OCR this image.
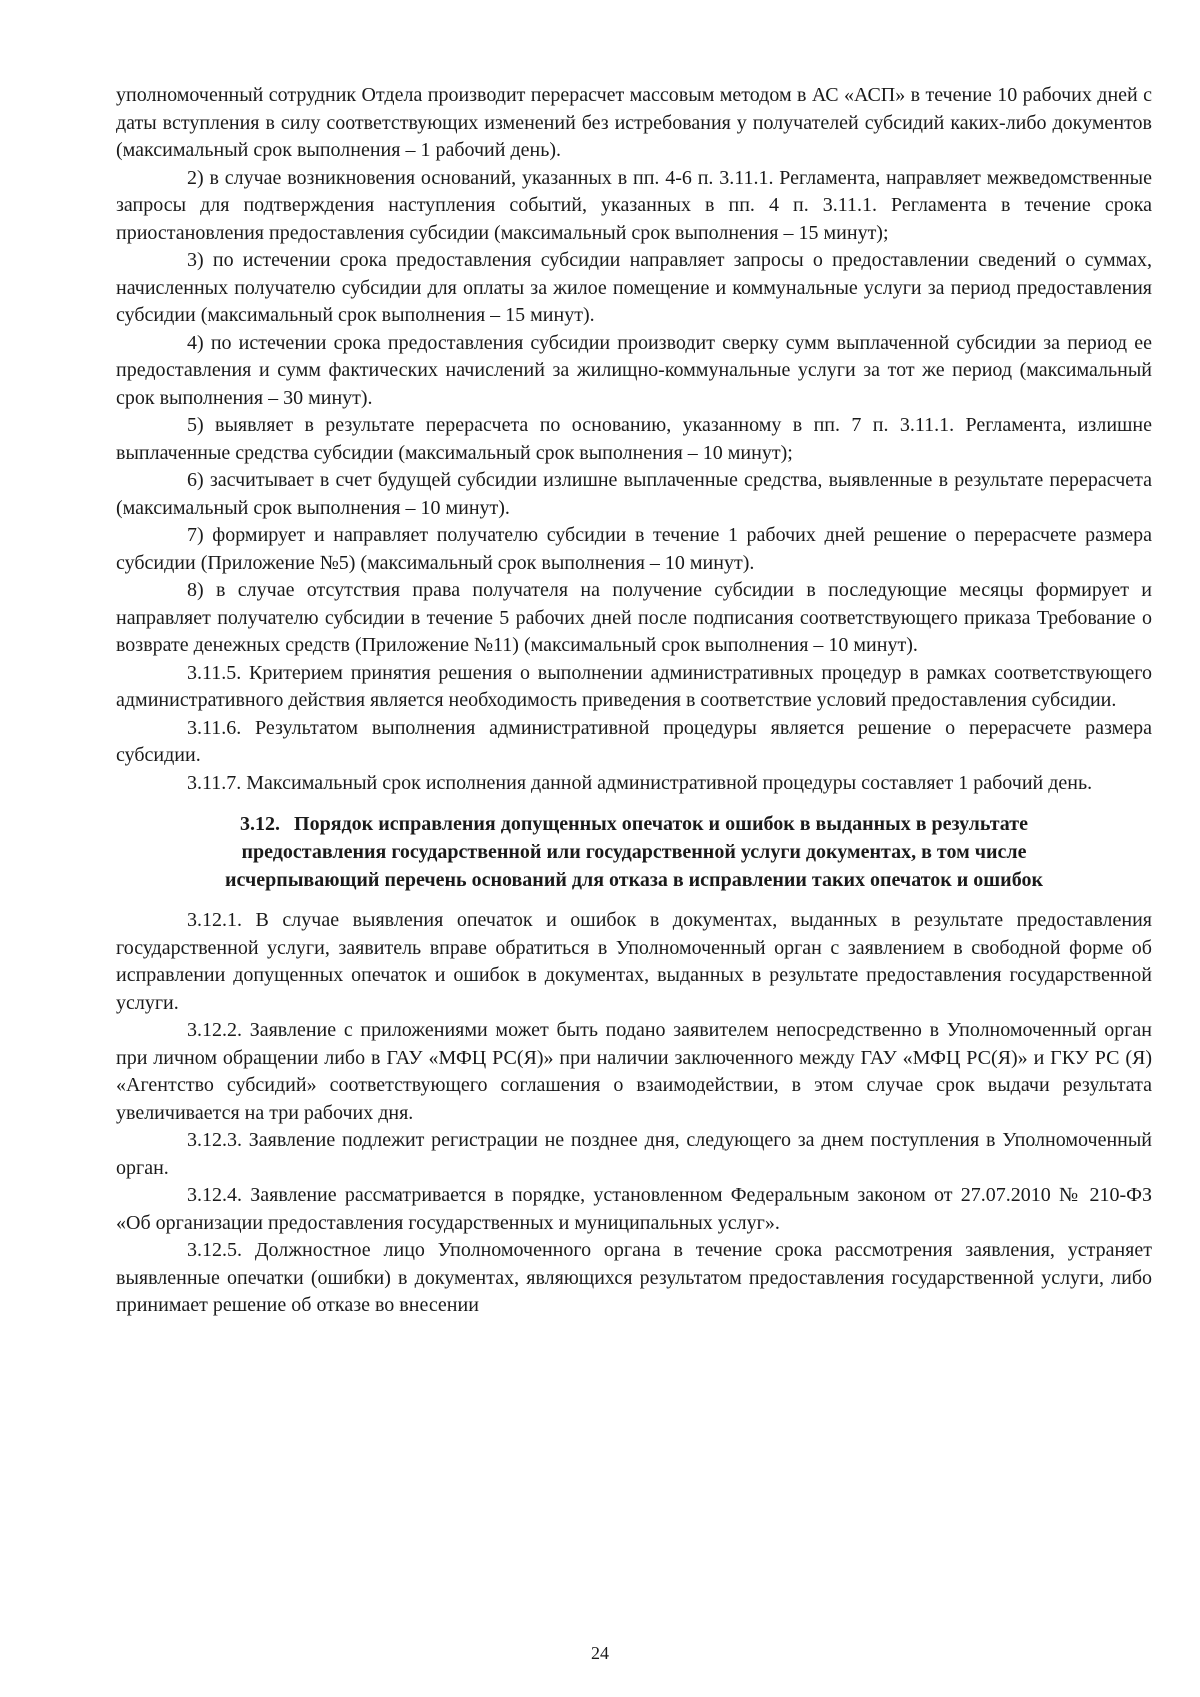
уполномоченный сотрудник Отдела производит перерасчет массовым методом в АС «АСП» в течение 10 рабочих дней с даты вступления в силу соответствующих изменений без истребования у получателей субсидий каких-либо документов (максимальный срок выполнения – 1 рабочий день).

2) в случае возникновения оснований, указанных в пп. 4-6 п. 3.11.1. Регламента, направляет межведомственные запросы для подтверждения наступления событий, указанных в пп. 4 п. 3.11.1. Регламента в течение срока приостановления предоставления субсидии (максимальный срок выполнения – 15 минут);

3) по истечении срока предоставления субсидии направляет запросы о предоставлении сведений о суммах, начисленных получателю субсидии для оплаты за жилое помещение и коммунальные услуги за период предоставления субсидии (максимальный срок выполнения – 15 минут).

4) по истечении срока предоставления субсидии производит сверку сумм выплаченной субсидии за период ее предоставления и сумм фактических начислений за жилищно-коммунальные услуги за тот же период (максимальный срок выполнения – 30 минут).

5) выявляет в результате перерасчета по основанию, указанному в пп. 7 п. 3.11.1. Регламента, излишне выплаченные средства субсидии (максимальный срок выполнения – 10 минут);

6) засчитывает в счет будущей субсидии излишне выплаченные средства, выявленные в результате перерасчета (максимальный срок выполнения – 10 минут).

7) формирует и направляет получателю субсидии в течение 1 рабочих дней решение о перерасчете размера субсидии (Приложение №5) (максимальный срок выполнения – 10 минут).

8) в случае отсутствия права получателя на получение субсидии в последующие месяцы формирует и направляет получателю субсидии в течение 5 рабочих дней после подписания соответствующего приказа Требование о возврате денежных средств (Приложение №11) (максимальный срок выполнения – 10 минут).

3.11.5. Критерием принятия решения о выполнении административных процедур в рамках соответствующего административного действия является необходимость приведения в соответствие условий предоставления субсидии.

3.11.6. Результатом выполнения административной процедуры является решение о перерасчете размера субсидии.

3.11.7. Максимальный срок исполнения данной административной процедуры составляет 1 рабочий день.

3.12. Порядок исправления допущенных опечаток и ошибок в выданных в результате
предоставления государственной или государственной услуги документах, в том числе
исчерпывающий перечень оснований для отказа в исправлении таких опечаток и ошибок

3.12.1. В случае выявления опечаток и ошибок в документах, выданных в результате предоставления государственной услуги, заявитель вправе обратиться в Уполномоченный орган с заявлением в свободной форме об исправлении допущенных опечаток и ошибок в документах, выданных в результате предоставления государственной услуги.

3.12.2. Заявление с приложениями может быть подано заявителем непосредственно в Уполномоченный орган при личном обращении либо в ГАУ «МФЦ РС(Я)» при наличии заключенного между ГАУ «МФЦ РС(Я)» и ГКУ РС (Я) «Агентство субсидий» соответствующего соглашения о взаимодействии, в этом случае срок выдачи результата увеличивается на три рабочих дня.

3.12.3. Заявление подлежит регистрации не позднее дня, следующего за днем поступления в Уполномоченный орган.

3.12.4. Заявление рассматривается в порядке, установленном Федеральным законом от 27.07.2010 № 210-ФЗ «Об организации предоставления государственных и муниципальных услуг».

3.12.5. Должностное лицо Уполномоченного органа в течение срока рассмотрения заявления, устраняет выявленные опечатки (ошибки) в документах, являющихся результатом предоставления государственной услуги, либо принимает решение об отказе во внесении

24
